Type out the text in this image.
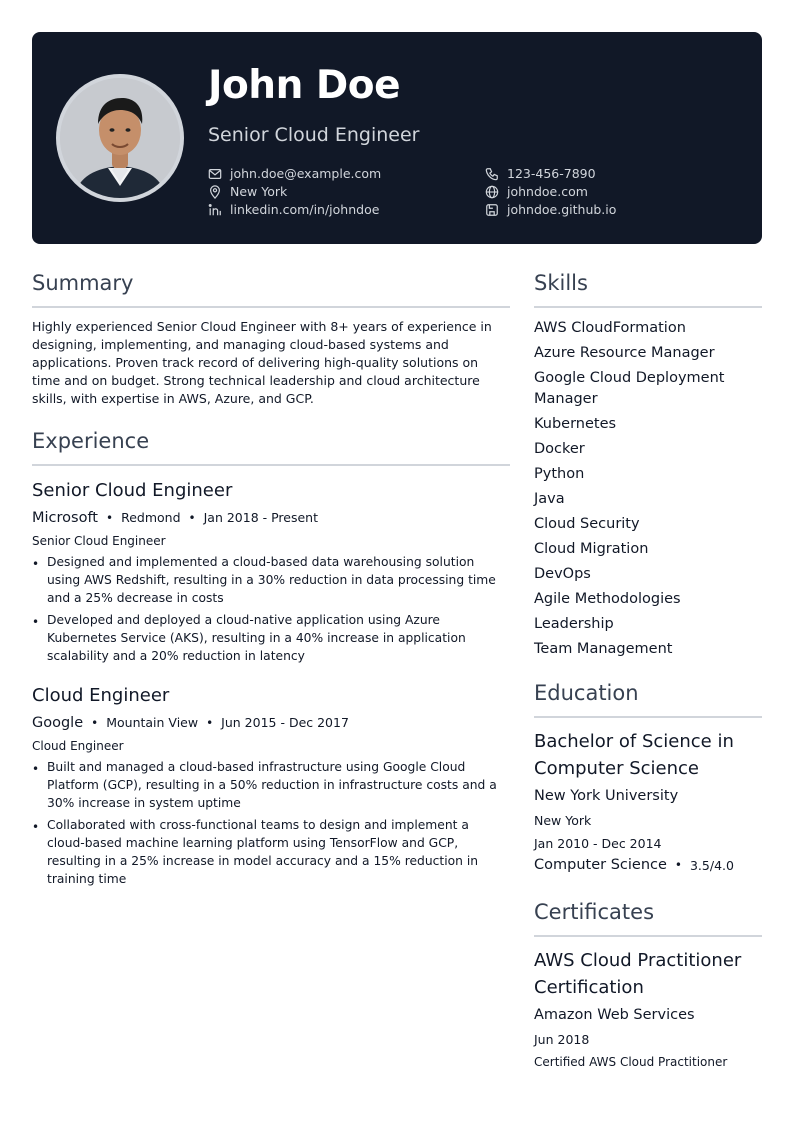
John Doe
Senior Cloud Engineer
john.doe@example.com	123-456-7890
New York	johndoe.com
linkedin.com/in/johndoe	johndoe.github.io
Summary
Highly experienced Senior Cloud Engineer with 8+ years of experience in designing, implementing, and managing cloud-based systems and applications. Proven track record of delivering high-quality solutions on time and on budget. Strong technical leadership and cloud architecture skills, with expertise in AWS, Azure, and GCP.
Experience
Senior Cloud Engineer
Microsoft • Redmond • Jan 2018 - Present
Senior Cloud Engineer
• Designed and implemented a cloud-based data warehousing solution using AWS Redshift, resulting in a 30% reduction in data processing time and a 25% decrease in costs
• Developed and deployed a cloud-native application using Azure Kubernetes Service (AKS), resulting in a 40% increase in application scalability and a 20% reduction in latency
Cloud Engineer
Google • Mountain View • Jun 2015 - Dec 2017
Cloud Engineer
• Built and managed a cloud-based infrastructure using Google Cloud Platform (GCP), resulting in a 50% reduction in infrastructure costs and a 30% increase in system uptime
• Collaborated with cross-functional teams to design and implement a cloud-based machine learning platform using TensorFlow and GCP, resulting in a 25% increase in model accuracy and a 15% reduction in training time
Skills
AWS CloudFormation
Azure Resource Manager
Google Cloud Deployment Manager
Kubernetes
Docker
Python
Java
Cloud Security
Cloud Migration
DevOps
Agile Methodologies
Leadership
Team Management
Education
Bachelor of Science in Computer Science
New York University
New York
Jan 2010 - Dec 2014
Computer Science • 3.5/4.0
Certificates
AWS Cloud Practitioner Certification
Amazon Web Services
Jun 2018
Certified AWS Cloud Practitioner
